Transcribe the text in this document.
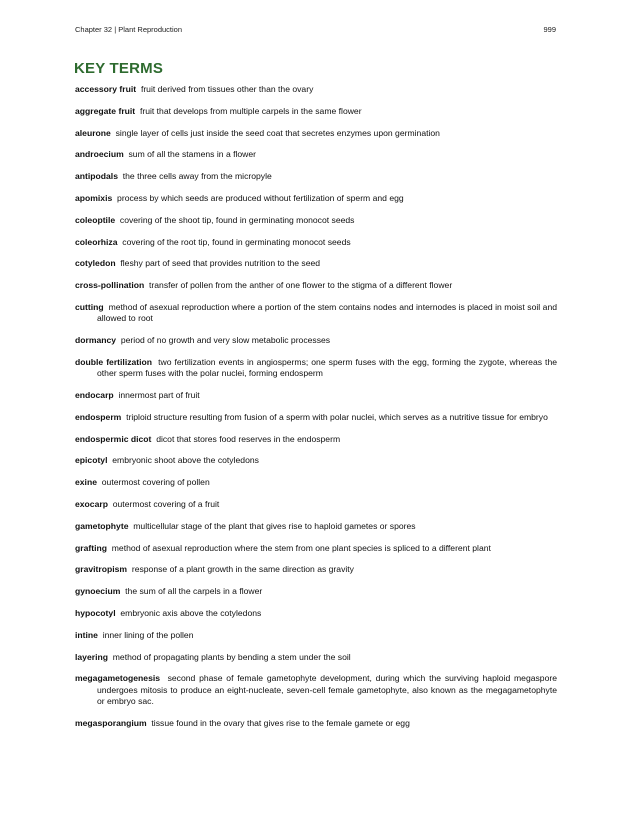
Chapter 32 | Plant Reproduction	999
KEY TERMS
accessory fruit fruit derived from tissues other than the ovary
aggregate fruit fruit that develops from multiple carpels in the same flower
aleurone single layer of cells just inside the seed coat that secretes enzymes upon germination
androecium sum of all the stamens in a flower
antipodals the three cells away from the micropyle
apomixis process by which seeds are produced without fertilization of sperm and egg
coleoptile covering of the shoot tip, found in germinating monocot seeds
coleorhiza covering of the root tip, found in germinating monocot seeds
cotyledon fleshy part of seed that provides nutrition to the seed
cross-pollination transfer of pollen from the anther of one flower to the stigma of a different flower
cutting method of asexual reproduction where a portion of the stem contains nodes and internodes is placed in moist soil and allowed to root
dormancy period of no growth and very slow metabolic processes
double fertilization two fertilization events in angiosperms; one sperm fuses with the egg, forming the zygote, whereas the other sperm fuses with the polar nuclei, forming endosperm
endocarp innermost part of fruit
endosperm triploid structure resulting from fusion of a sperm with polar nuclei, which serves as a nutritive tissue for embryo
endospermic dicot dicot that stores food reserves in the endosperm
epicotyl embryonic shoot above the cotyledons
exine outermost covering of pollen
exocarp outermost covering of a fruit
gametophyte multicellular stage of the plant that gives rise to haploid gametes or spores
grafting method of asexual reproduction where the stem from one plant species is spliced to a different plant
gravitropism response of a plant growth in the same direction as gravity
gynoecium the sum of all the carpels in a flower
hypocotyl embryonic axis above the cotyledons
intine inner lining of the pollen
layering method of propagating plants by bending a stem under the soil
megagametogenesis second phase of female gametophyte development, during which the surviving haploid megaspore undergoes mitosis to produce an eight-nucleate, seven-cell female gametophyte, also known as the megagametophyte or embryo sac.
megasporangium tissue found in the ovary that gives rise to the female gamete or egg
